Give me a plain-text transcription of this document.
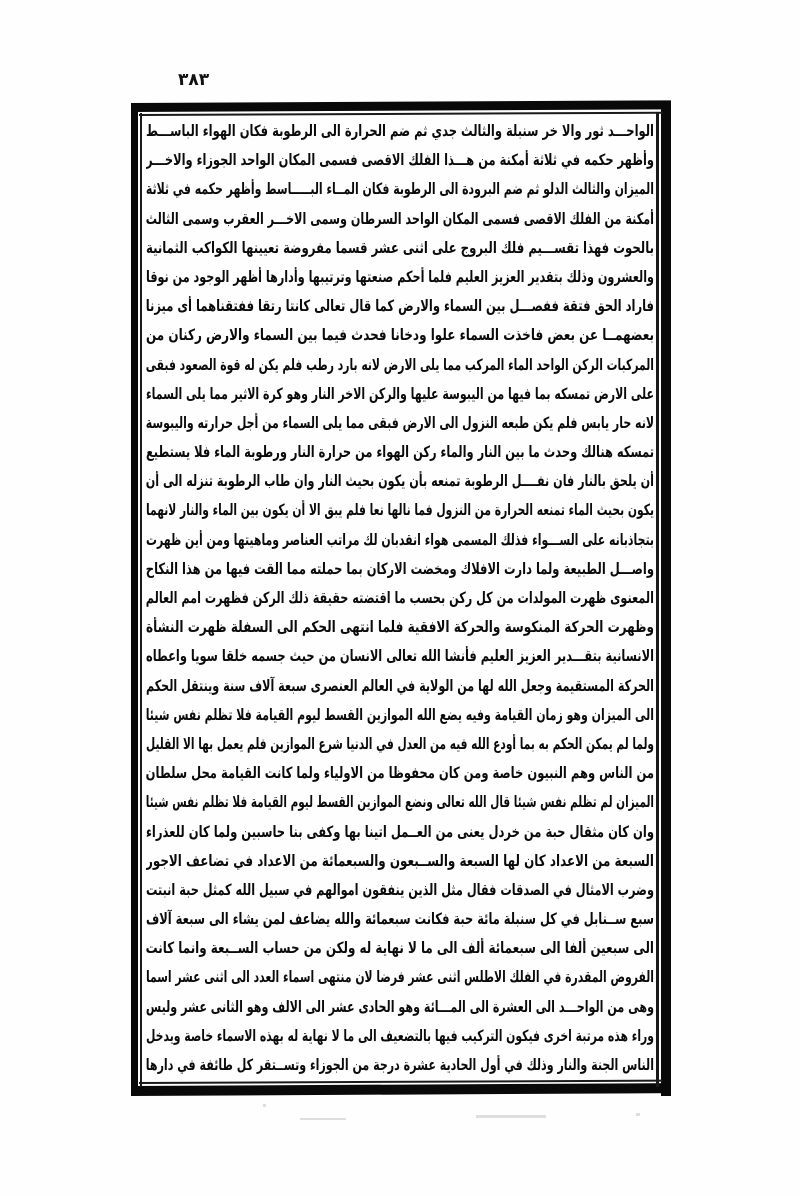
٣٨٣
الواحـــد ثور والا خر سنبلة والثالث جدي ثم ضم الحرارة الى الرطوبة فكان الهواء الباســـط
وأظهر حكمه في ثلاثة أمكنة من هـــذا الفلك الاقصى فسمى المكان الواحد الجوزاء والاخـــر
الميزان والثالث الدلو ثم ضم البرودة الى الرطوبة فكان المــاء البـــــاسط وأظهر حكمه في ثلاثة
أمكنة من الفلك الاقصى فسمى المكان الواحد السرطان وسمى الاخـــر العقرب وسمى الثالث
بالحوت فهذا تقســـيم فلك البروج على اثنى عشر قسما مفروضة تعيينها الكواكب الثمانية
والعشرون وذلك بتقدير العزيز العليم فلما أحكم صنعتها وترتيبها وأدارها أظهر الوجود من نوقا
فاراد الحق فتقة ففصـــل بين السماء والارض كما قال تعالى كانتا رتقا ففتقناهما أى ميزنا
بعضهمــا عن بعض فاخذت السماء علوا ودخانا فحدث فيما بين السماء والارض ركنان من
المركبات الركن الواحد الماء المركب مما يلى الارض لانه بارد رطب فلم يكن له قوة الصعود فبقى
على الارض تمسكه بما فيها من اليبوسة عليها والركن الاخر النار وهو كرة الاثير مما يلى السماء
لانه حار يابس فلم يكن طبعه النزول الى الارض فبقى مما يلى السماء من أجل حرارته واليبوسة
تمسكه هنالك وحدث ما بين النار والماء ركن الهواء من حرارة النار ورطوبة الماء فلا يستطيع
أن يلحق بالنار فان نفــــل الرطوبة تمنعه بأن يكون بحيث النار وان طاب الرطوبة تنزله الى أن
يكون بحيث الماء تمنعه الحرارة من النزول فما نالها نعا فلم يبق الا أن يكون بين الماء والنار لانهما
بتجاذبانه على الســـواء فذلك المسمى هواء انقدبان لك مراتب العناصر وماهيتها ومن أين ظهرت
واصـــل الطبيعة ولما دارت الافلاك ومخضت الاركان بما حملته مما القت فيها من هذا النكاح
المعنوى ظهرت المولدات من كل ركن بحسب ما اقتضته حقيقة ذلك الركن فظهرت امم العالم
وظهرت الحركة المنكوسة والحركة الافقية فلما انتهى الحكم الى السفلة ظهرت النشأة
الانسانية بتقـــدير العزيز العليم فأنشا الله تعالى الانسان من حيث جسمه خلقا سويا واعطاه
الحركة المستقيمة وجعل الله لها من الولاية في العالم العنصرى سبعة آلاف سنة وينتقل الحكم
الى الميزان وهو زمان القيامة وفيه يضع الله الموازين القسط ليوم القيامة فلا تظلم نفس شيئا
ولما لم يمكن الحكم به بما أودع الله فيه من العدل في الدنيا شرع الموازين فلم يعمل بها الا القليل
من الناس وهم النبيون خاصة ومن كان محفوظا من الاولياء ولما كانت القيامة محل سلطان
الميزان لم تظلم نفس شيئا قال الله تعالى ونضع الموازين القسط ليوم القيامة فلا تظلم نفس شيئا
وان كان مثقال حبة من خردل يعنى من العــمل اتينا بها وكفى بنا حاسبين ولما كان للعذراء
السبعة من الاعداد كان لها السبعة والســبعون والسبعمائة من الاعداد في تضاعف الاجور
وضرب الامثال في الصدقات فقال مثل الذين ينفقون اموالهم في سبيل الله كمثل حبة انبتت
سبع ســنابل في كل سنبلة مائة حبة فكانت سبعمائة والله يضاعف لمن يشاء الى سبعة آلاف
الى سبعين ألفا الى سبعمائة ألف الى ما لا نهاية له ولكن من حساب الســبعة وانما كانت
الفروض المقدرة في الفلك الاطلس اثنى عشر فرضا لان منتهى اسماء العدد الى اثنى عشر اسما
وهى من الواحـــد الى العشرة الى المـــائة وهو الحادى عشر الى الالف وهو الثانى عشر وليس
وراء هذه مرتبة اخرى فيكون التركيب فيها بالتضعيف الى ما لا نهاية له بهذه الاسماء خاصة ويدخل
الناس الجنة والنار وذلك في أول الحادية عشرة درجة من الجوزاء وتســتقر كل طائفة في دارها
